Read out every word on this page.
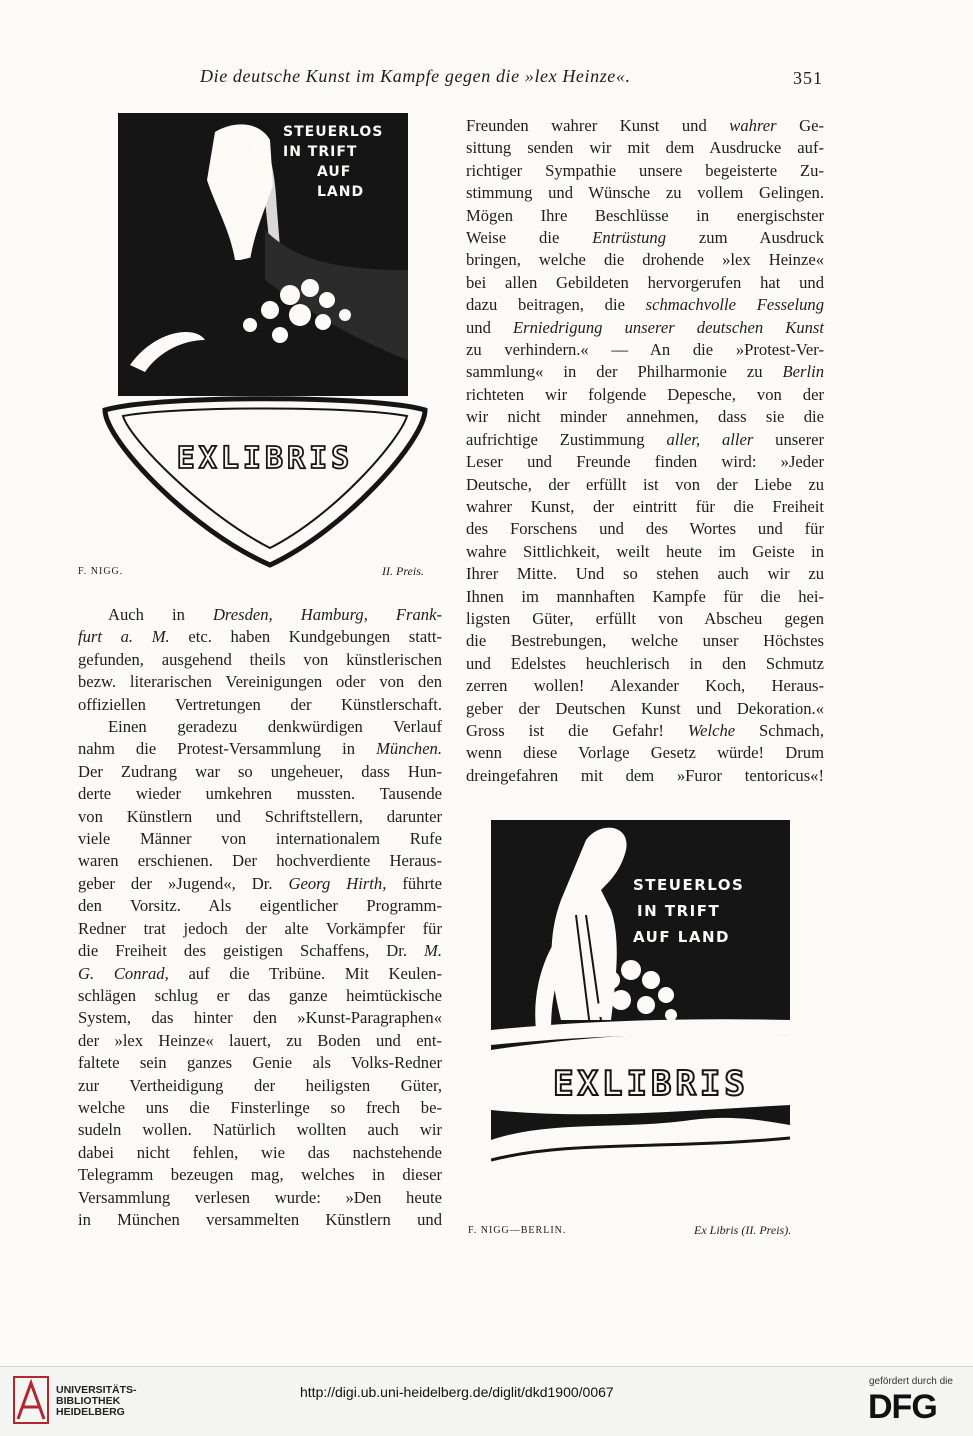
Die deutsche Kunst im Kampfe gegen die »lex Heinze«.	351
STEUERLOS
IN TRIFT
AUF
LAND
EXLIBRIS
F. NIGG.	II. Preis.
Freunden wahrer Kunst und wahrer Ge-
sittung senden wir mit dem Ausdrucke auf-
richtiger Sympathie unsere begeisterte Zu-
stimmung und Wünsche zu vollem Gelingen.
Mögen Ihre Beschlüsse in energischster
Weise die Entrüstung zum Ausdruck
bringen, welche die drohende »lex Heinze«
bei allen Gebildeten hervorgerufen hat und
dazu beitragen, die schmachvolle Fesselung
und Erniedrigung unserer deutschen Kunst
zu verhindern.« — An die »Protest-Ver-
sammlung« in der Philharmonie zu Berlin
richteten wir folgende Depesche, von der
wir nicht minder annehmen, dass sie die
aufrichtige Zustimmung aller, aller unserer
Leser und Freunde finden wird: »Jeder
Deutsche, der erfüllt ist von der Liebe zu
wahrer Kunst, der eintritt für die Freiheit
des Forschens und des Wortes und für
wahre Sittlichkeit, weilt heute im Geiste in
Ihrer Mitte. Und so stehen auch wir zu
Ihnen im mannhaften Kampfe für die hei-
ligsten Güter, erfüllt von Abscheu gegen
die Bestrebungen, welche unser Höchstes
und Edelstes heuchlerisch in den Schmutz
zerren wollen! Alexander Koch, Heraus-
geber der Deutschen Kunst und Dekoration.«
Gross ist die Gefahr! Welche Schmach,
wenn diese Vorlage Gesetz würde! Drum
dreingefahren mit dem »Furor tentoricus«!
Auch in Dresden, Hamburg, Frank-
furt a. M. etc. haben Kundgebungen statt-
gefunden, ausgehend theils von künstlerischen
bezw. literarischen Vereinigungen oder von den
offiziellen Vertretungen der Künstlerschaft.
Einen geradezu denkwürdigen Verlauf
nahm die Protest-Versammlung in München.
Der Zudrang war so ungeheuer, dass Hun-
derte wieder umkehren mussten. Tausende
von Künstlern und Schriftstellern, darunter
viele Männer von internationalem Rufe
waren erschienen. Der hochverdiente Heraus-
geber der »Jugend«, Dr. Georg Hirth, führte
den Vorsitz. Als eigentlicher Programm-
Redner trat jedoch der alte Vorkämpfer für
die Freiheit des geistigen Schaffens, Dr. M.
G. Conrad, auf die Tribüne. Mit Keulen-
schlägen schlug er das ganze heimtückische
System, das hinter den »Kunst-Paragraphen«
der »lex Heinze« lauert, zu Boden und ent-
faltete sein ganzes Genie als Volks-Redner
zur Vertheidigung der heiligsten Güter,
welche uns die Finsterlinge so frech be-
sudeln wollen. Natürlich wollten auch wir
dabei nicht fehlen, wie das nachstehende
Telegramm bezeugen mag, welches in dieser
Versammlung verlesen wurde: »Den heute
in München versammelten Künstlern und
STEUERLOS
IN TRIFT
AUF LAND
EXLIBRIS
F. NIGG—BERLIN.	Ex Libris (II. Preis).
UNIVERSITÄTS-
BIBLIOTHEK
HEIDELBERG
http://digi.ub.uni-heidelberg.de/diglit/dkd1900/0067
gefördert durch die
DFG
